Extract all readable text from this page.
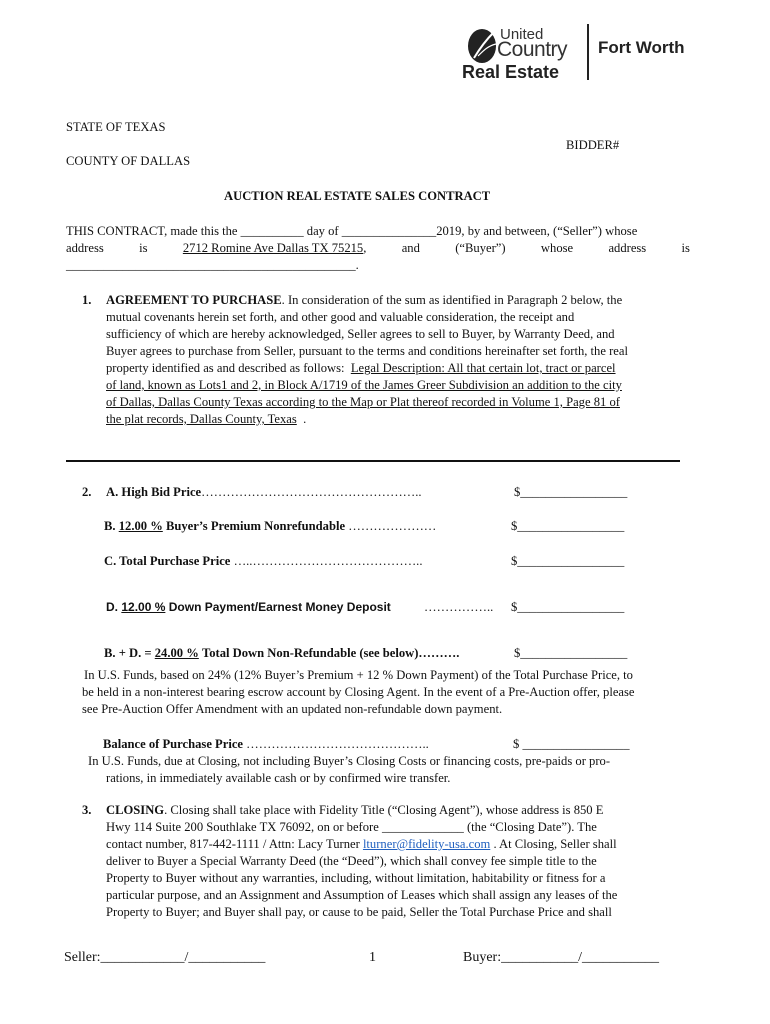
United
Country
Real Estate
Fort Worth
STATE OF TEXAS
BIDDER#
COUNTY OF DALLAS
AUCTION REAL ESTATE SALES CONTRACT
THIS CONTRACT, made this the __________ day of _______________2019, by and between, (“Seller”) whose
address	is	2712 Romine Ave Dallas TX 75215,	and	(“Buyer”)	whose	address	is
______________________________________________.
1. AGREEMENT TO PURCHASE. In consideration of the sum as identified in Paragraph 2 below, the
mutual covenants herein set forth, and other good and valuable consideration, the receipt and
sufficiency of which are hereby acknowledged, Seller agrees to sell to Buyer, by Warranty Deed, and
Buyer agrees to purchase from Seller, pursuant to the terms and conditions hereinafter set forth, the real
property identified as and described as follows: Legal Description: All that certain lot, tract or parcel
of land, known as Lots1 and 2, in Block A/1719 of the James Greer Subdivision an addition to the city
of Dallas, Dallas County Texas according to the Map or Plat thereof recorded in Volume 1, Page 81 of
the plat records, Dallas County, Texas .
2. A. High Bid Price……………………………………………..	$_________________
B. 12.00 % Buyer’s Premium Nonrefundable …………………	$_________________
C. Total Purchase Price …..…………………………………..	$_________________
D. 12.00 % Down Payment/Earnest Money Deposit	…………….. $_________________
B. + D. = 24.00 % Total Down Non-Refundable (see below)……….	$_________________
In U.S. Funds, based on 24% (12% Buyer’s Premium + 12 % Down Payment) of the Total Purchase Price, to
be held in a non-interest bearing escrow account by Closing Agent. In the event of a Pre-Auction offer, please
see Pre-Auction Offer Amendment with an updated non-refundable down payment.
Balance of Purchase Price ……………………………………..	$ _________________
In U.S. Funds, due at Closing, not including Buyer’s Closing Costs or financing costs, pre-paids or pro-
rations, in immediately available cash or by confirmed wire transfer.
3. CLOSING. Closing shall take place with Fidelity Title (“Closing Agent”), whose address is 850 E
Hwy 114 Suite 200 Southlake TX 76092, on or before _____________ (the “Closing Date”). The
contact number, 817-442-1111 / Attn: Lacy Turner lturner@fidelity-usa.com . At Closing, Seller shall
deliver to Buyer a Special Warranty Deed (the “Deed”), which shall convey fee simple title to the
Property to Buyer without any warranties, including, without limitation, habitability or fitness for a
particular purpose, and an Assignment and Assumption of Leases which shall assign any leases of the
Property to Buyer; and Buyer shall pay, or cause to be paid, Seller the Total Purchase Price and shall
Seller:____________/___________	1	Buyer:___________/___________
